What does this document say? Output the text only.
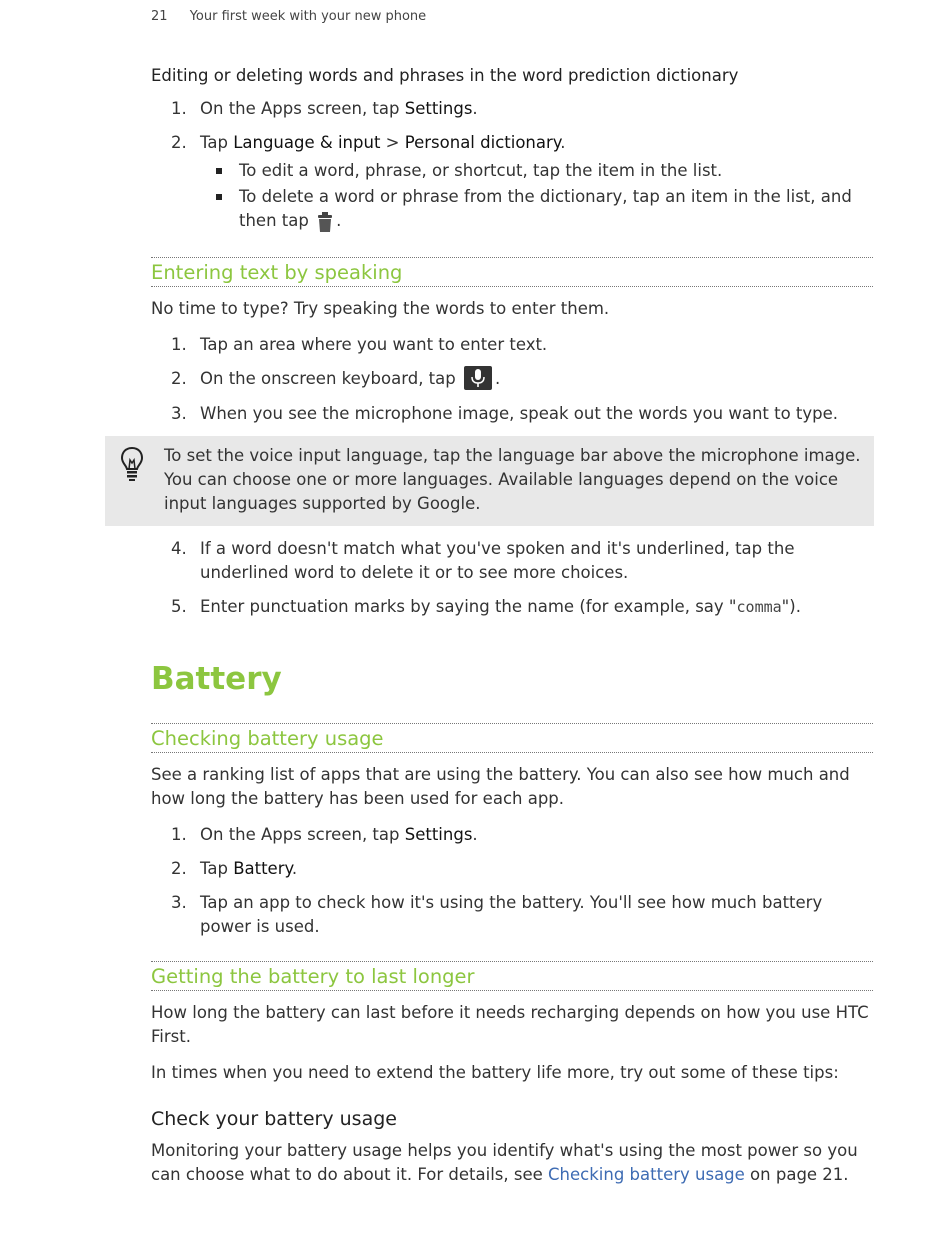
21 Your first week with your new phone
Editing or deleting words and phrases in the word prediction dictionary
1. On the Apps screen, tap Settings.
2. Tap Language & input > Personal dictionary.
To edit a word, phrase, or shortcut, tap the item in the list.
To delete a word or phrase from the dictionary, tap an item in the list, and then tap .
Entering text by speaking

No time to type? Try speaking the words to enter them.

1. Tap an area where you want to enter text.
2. On the onscreen keyboard, tap .
3. When you see the microphone image, speak out the words you want to type.
To set the voice input language, tap the language bar above the microphone image. You can choose one or more languages. Available languages depend on the voice input languages supported by Google.
4. If a word doesn't match what you've spoken and it's underlined, tap the underlined word to delete it or to see more choices.
5. Enter punctuation marks by saying the name (for example, say "comma").
Battery
Checking battery usage

See a ranking list of apps that are using the battery. You can also see how much and how long the battery has been used for each app.

1. On the Apps screen, tap Settings.
2. Tap Battery.
3. Tap an app to check how it's using the battery. You'll see how much battery power is used.
Getting the battery to last longer

How long the battery can last before it needs recharging depends on how you use HTC First.

In times when you need to extend the battery life more, try out some of these tips:

Check your battery usage

Monitoring your battery usage helps you identify what's using the most power so you can choose what to do about it. For details, see Checking battery usage on page 21.
